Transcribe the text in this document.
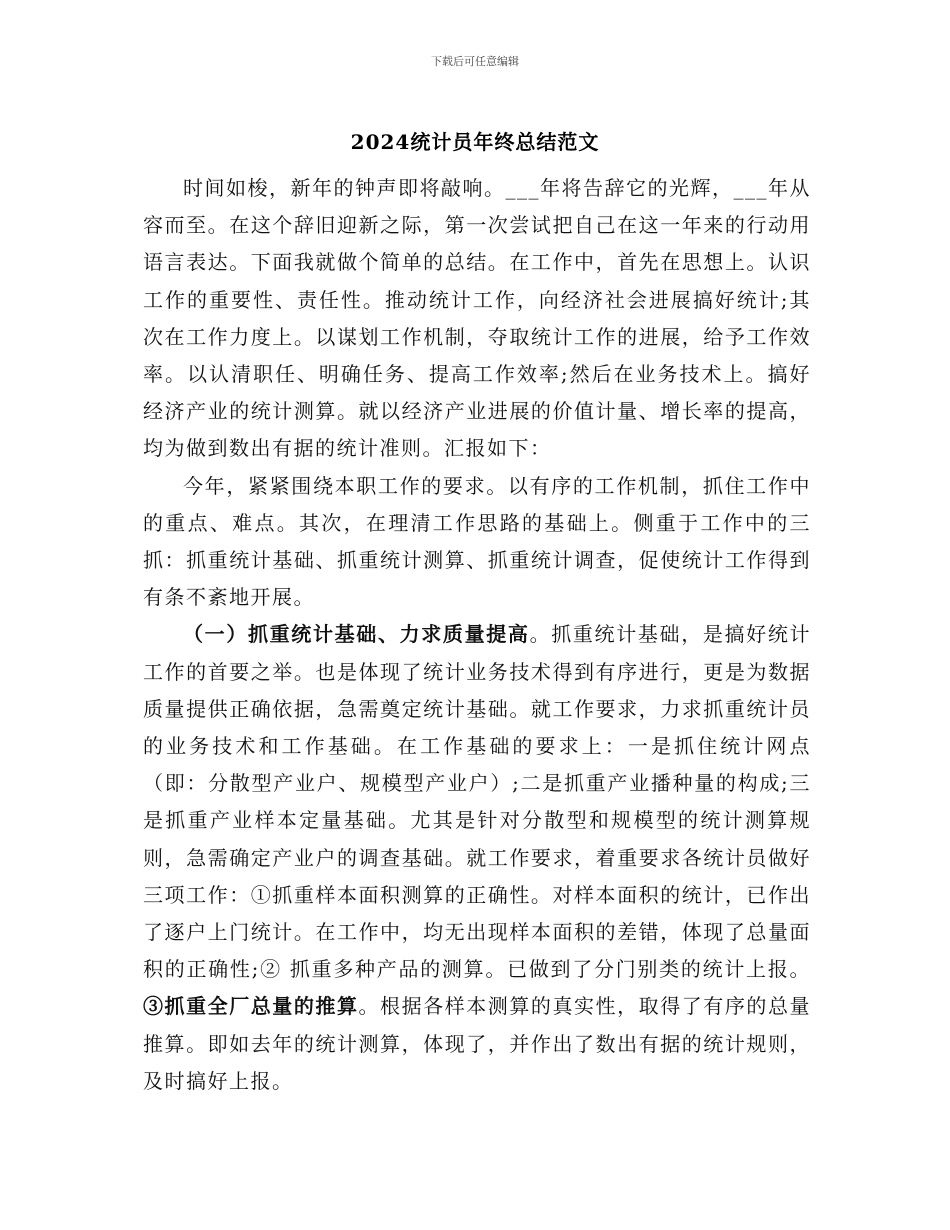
下载后可任意编辑
2024统计员年终总结范文

时间如梭，新年的钟声即将敲响。___年将告辞它的光辉，___年从容而至。在这个辞旧迎新之际，第一次尝试把自己在这一年来的行动用语言表达。下面我就做个简单的总结。在工作中，首先在思想上。认识工作的重要性、责任性。推动统计工作，向经济社会进展搞好统计;其次在工作力度上。以谋划工作机制，夺取统计工作的进展，给予工作效率。以认清职任、明确任务、提高工作效率;然后在业务技术上。搞好经济产业的统计测算。就以经济产业进展的价值计量、增长率的提高，均为做到数出有据的统计准则。汇报如下：

今年，紧紧围绕本职工作的要求。以有序的工作机制，抓住工作中的重点、难点。其次，在理清工作思路的基础上。侧重于工作中的三抓：抓重统计基础、抓重统计测算、抓重统计调查，促使统计工作得到有条不紊地开展。

（一）抓重统计基础、力求质量提高。抓重统计基础，是搞好统计工作的首要之举。也是体现了统计业务技术得到有序进行，更是为数据质量提供正确依据，急需奠定统计基础。就工作要求，力求抓重统计员的业务技术和工作基础。在工作基础的要求上：一是抓住统计网点（即：分散型产业户、规模型产业户）;二是抓重产业播种量的构成;三是抓重产业样本定量基础。尤其是针对分散型和规模型的统计测算规则，急需确定产业户的调查基础。就工作要求，着重要求各统计员做好三项工作：①抓重样本面积测算的正确性。对样本面积的统计，已作出了逐户上门统计。在工作中，均无出现样本面积的差错，体现了总量面积的正确性;② 抓重多种产品的测算。已做到了分门别类的统计上报。③抓重全厂总量的推算。根据各样本测算的真实性，取得了有序的总量推算。即如去年的统计测算，体现了，并作出了数出有据的统计规则，及时搞好上报。
